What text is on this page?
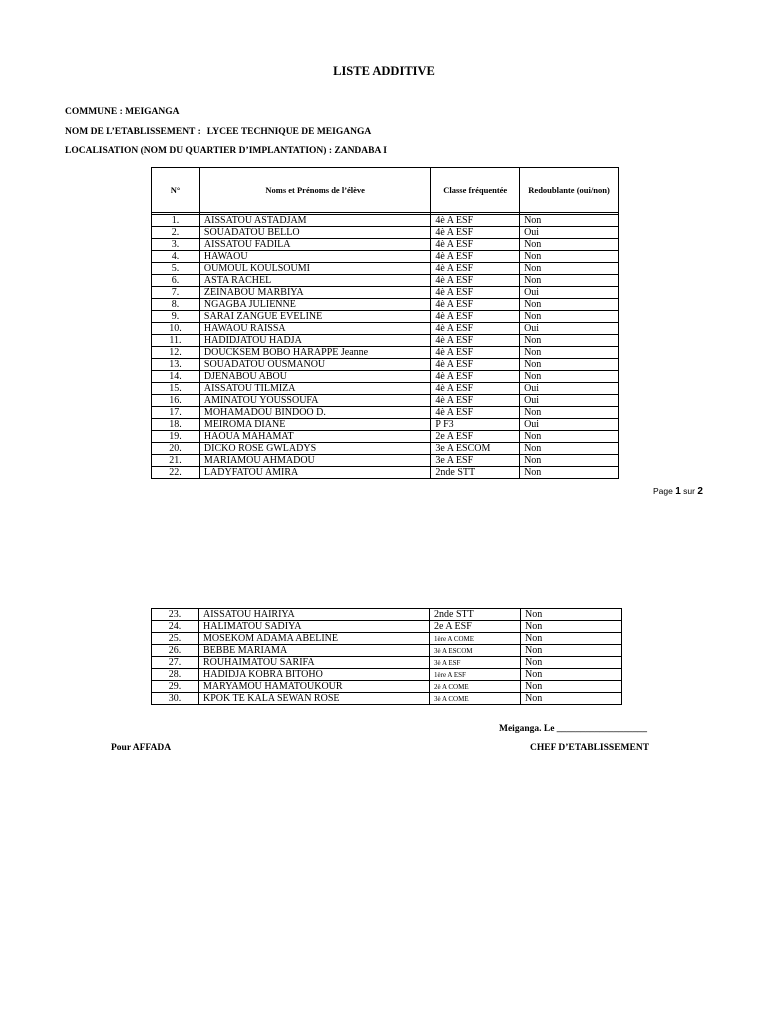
LISTE ADDITIVE
COMMUNE : MEIGANGA
NOM DE L’ETABLISSEMENT : LYCEE TECHNIQUE DE MEIGANGA
LOCALISATION (NOM DU QUARTIER D’IMPLANTATION) : ZANDABA I
N°	Noms et Prénoms de l’élève	Classe fréquentée	Redoublante (oui/non)

1.	AISSATOU ASTADJAM	4è A ESF	Non
2.	SOUADATOU BELLO	4è A ESF	Oui
3.	AISSATOU FADILA	4è A ESF	Non
4.	HAWAOU	4è A ESF	Non
5.	OUMOUL KOULSOUMI	4è A ESF	Non
6.	ASTA RACHEL	4è A ESF	Non
7.	ZEINABOU MARBIYA	4è A ESF	Oui
8.	NGAGBA JULIENNE	4è A ESF	Non
9.	SARAI ZANGUE EVELINE	4è A ESF	Non
10.	HAWAOU RAISSA	4è A ESF	Oui
11.	HADIDJATOU HADJA	4è A ESF	Non
12.	DOUCKSEM BOBO HARAPPE Jeanne	4è A ESF	Non
13.	SOUADATOU OUSMANOU	4è A ESF	Non
14.	DJENABOU ABOU	4è A ESF	Non
15.	AISSATOU TILMIZA	4è A ESF	Oui
16.	AMINATOU YOUSSOUFA	4è A ESF	Oui
17.	MOHAMADOU BINDOO D.	4è A ESF	Non
18.	MEIROMA DIANE	P F3	Oui
19.	HAOUA MAHAMAT	2e A ESF	Non
20.	DICKO ROSE GWLADYS	3e A ESCOM	Non
21.	MARIAMOU AHMADOU	3e A ESF	Non
22.	LADYFATOU AMIRA	2nde STT	Non
Page 1 sur 2
23.	AISSATOU HAIRIYA	2nde STT	Non
24.	HALIMATOU SADIYA	2e A ESF	Non
25.	MOSEKOM ADAMA ABELINE	1ère A COME	Non
26.	BEBBE MARIAMA	3è A ESCOM	Non
27.	ROUHAIMATOU SARIFA	3è A ESF	Non
28.	HADIDJA KOBRA BITOHO	1ère A ESF	Non
29.	MARYAMOU HAMATOUKOUR	2è A COME	Non
30.	KPOK TE KALA SEWAN ROSE	3è A COME	Non
Meiganga. Le ___________________
Pour AFFADA	CHEF D’ETABLISSEMENT
